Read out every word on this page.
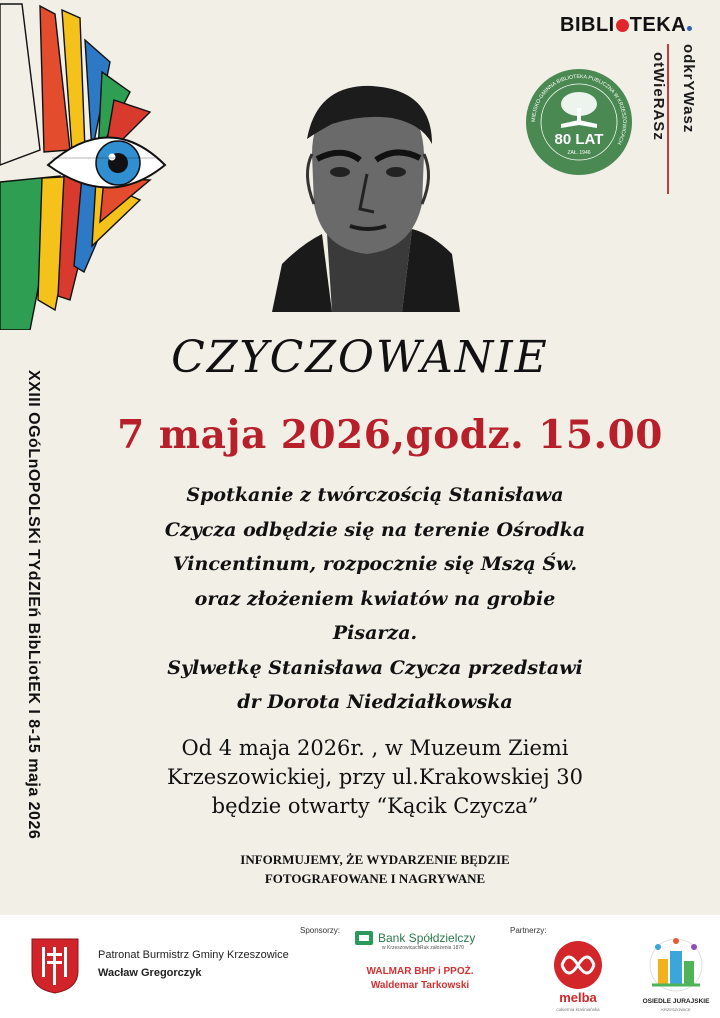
BIBLI TEKA
otWieRASz odkrYWasz
MIEJSKO-GMINNA BIBLIOTEKA PUBLICZNA W KRZESZOWICACH
80 LAT
ZAŁ. 1946
CZYCZOWANIE
7 maja 2026,godz. 15.00
Spotkanie z twórczością Stanisława
Czycza odbędzie się na terenie Ośrodka
Vincentinum, rozpocznie się Mszą Św.
oraz złożeniem kwiatów na grobie
Pisarza.
Sylwetkę Stanisława Czycza przedstawi
dr Dorota Niedziałkowska
Od 4 maja 2026r. , w Muzeum Ziemi
Krzeszowickiej, przy ul.Krakowskiej 30
będzie otwarty “Kącik Czycza”
INFORMUJEMY, ŻE WYDARZENIE BĘDZIE
FOTOGRAFOWANE I NAGRYWANE
XXIII OGóLnOPOLSKi TYdZIEń BibLiotEK I 8-15 maja 2026
Sponsorzy:	Partnerzy:
Patronat Burmistrz Gminy Krzeszowice
Wacław Gregorczyk
Bank Spółdzielczy
w Krzeszowicach Ruk założenia 1870
WALMAR BHP i PPOŻ.
Waldemar Tarkowski
melba
cukiernia kraśniańska
OSIEDLE JURAJSKIE
KRZESZOWICE
